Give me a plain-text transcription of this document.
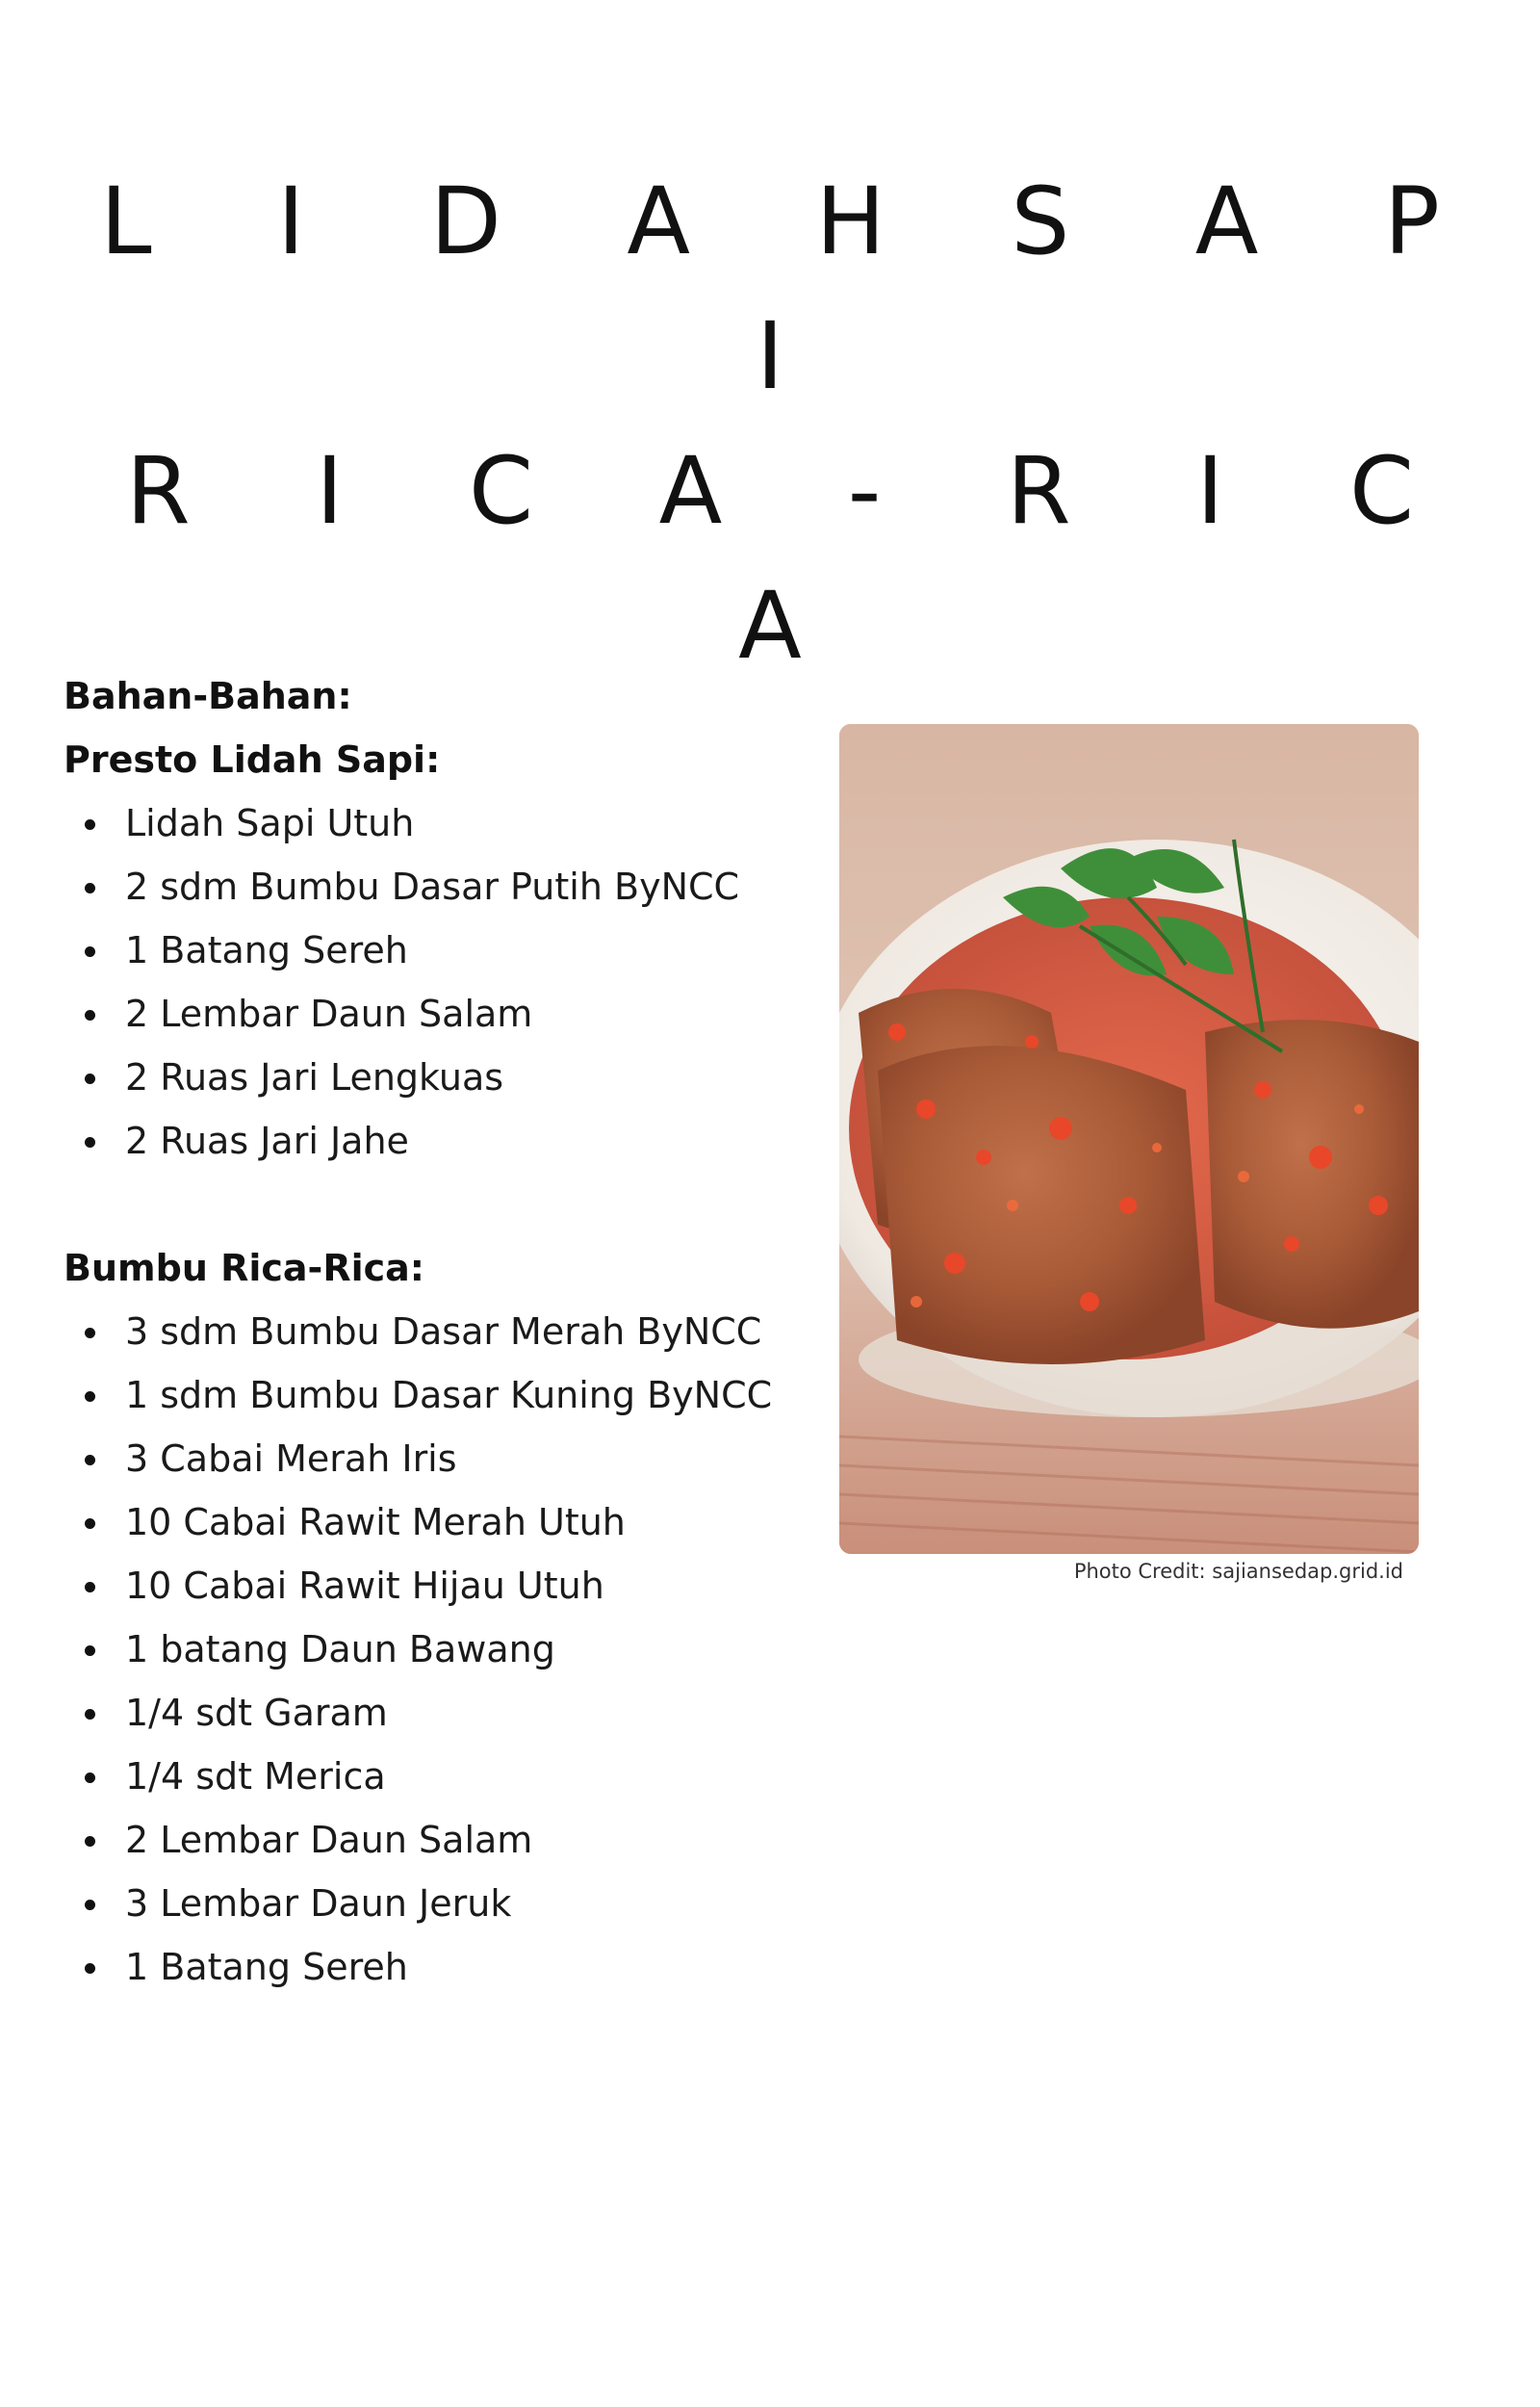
L I D A H S A P I
R I C A - R I C A
Bahan-Bahan:
Presto Lidah Sapi:
Lidah Sapi Utuh
2 sdm Bumbu Dasar Putih ByNCC
1 Batang Sereh
2 Lembar Daun Salam
2 Ruas Jari Lengkuas
2 Ruas Jari Jahe
Bumbu Rica-Rica:
3 sdm Bumbu Dasar Merah ByNCC
1 sdm Bumbu Dasar Kuning ByNCC
3 Cabai Merah Iris
10 Cabai Rawit Merah Utuh
10 Cabai Rawit Hijau Utuh
1 batang Daun Bawang
1/4 sdt Garam
1/4 sdt Merica
2 Lembar Daun Salam
3 Lembar Daun Jeruk
1 Batang Sereh
Photo Credit: sajiansedap.grid.id
